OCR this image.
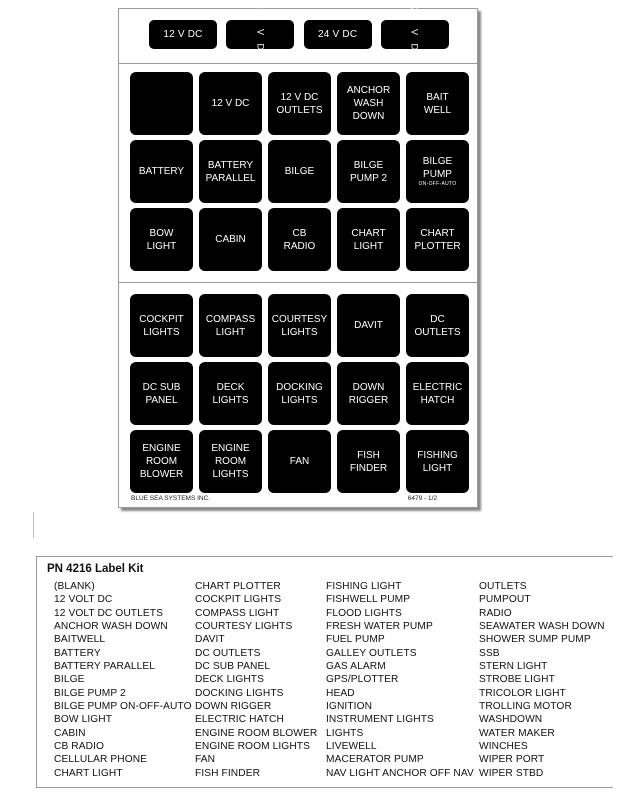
12 V DC	12 V DC	24 V DC	24 V DC
12 V DC
12 V DC
OUTLETS
ANCHOR
WASH
DOWN
BAIT
WELL
BATTERY
BATTERY
PARALLEL
BILGE
BILGE
PUMP 2
BILGE
PUMP
ON-OFF-AUTO
BOW
LIGHT
CABIN
CB
RADIO
CHART
LIGHT
CHART
PLOTTER
COCKPIT
LIGHTS
COMPASS
LIGHT
COURTESY
LIGHTS
DAVIT
DC
OUTLETS
DC SUB
PANEL
DECK
LIGHTS
DOCKING
LIGHTS
DOWN
RIGGER
ELECTRIC
HATCH
ENGINE
ROOM
BLOWER
ENGINE
ROOM
LIGHTS
FAN
FISH
FINDER
FISHING
LIGHT
BLUE SEA SYSTEMS INC.	6479 - 1/2
PN 4216 Label Kit
(BLANK)
12 VOLT DC
12 VOLT DC OUTLETS
ANCHOR WASH DOWN
BAITWELL
BATTERY
BATTERY PARALLEL
BILGE
BILGE PUMP 2
BILGE PUMP ON-OFF-AUTO
BOW LIGHT
CABIN
CB RADIO
CELLULAR PHONE
CHART LIGHT
CHART PLOTTER
COCKPIT LIGHTS
COMPASS LIGHT
COURTESY LIGHTS
DAVIT
DC OUTLETS
DC SUB PANEL
DECK LIGHTS
DOCKING LIGHTS
DOWN RIGGER
ELECTRIC HATCH
ENGINE ROOM BLOWER
ENGINE ROOM LIGHTS
FAN
FISH FINDER
FISHING LIGHT
FISHWELL PUMP
FLOOD LIGHTS
FRESH WATER PUMP
FUEL PUMP
GALLEY OUTLETS
GAS ALARM
GPS/PLOTTER
HEAD
IGNITION
INSTRUMENT LIGHTS
LIGHTS
LIVEWELL
MACERATOR PUMP
NAV LIGHT ANCHOR OFF NAV
OUTLETS
PUMPOUT
RADIO
SEAWATER WASH DOWN
SHOWER SUMP PUMP
SSB
STERN LIGHT
STROBE LIGHT
TRICOLOR LIGHT
TROLLING MOTOR
WASHDOWN
WATER MAKER
WINCHES
WIPER PORT
WIPER STBD
